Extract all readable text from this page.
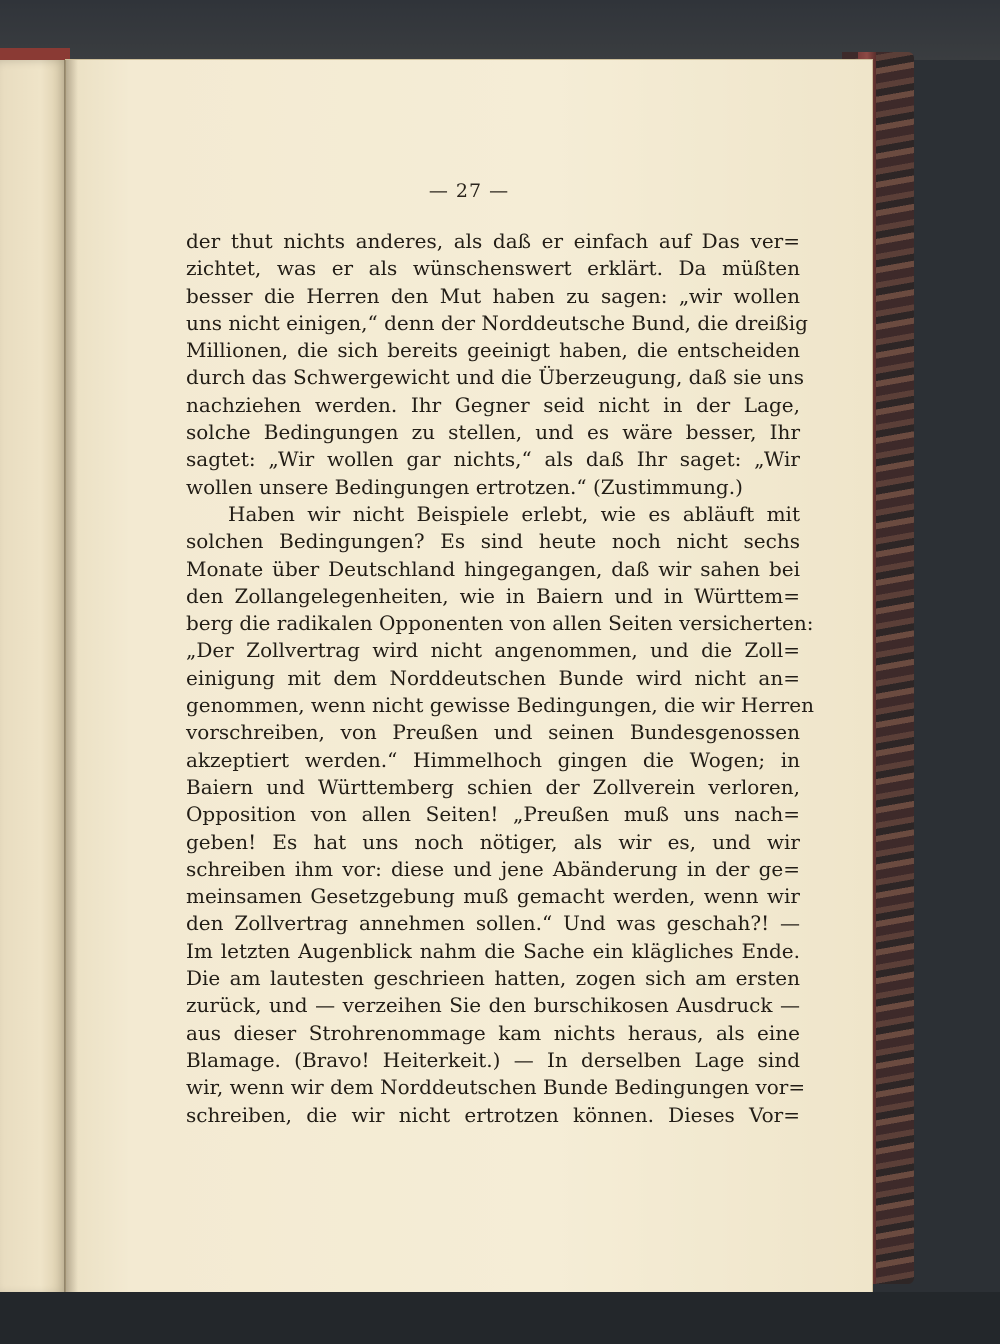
— 27 —
der thut nichts anderes, als daß er einfach auf Das ver=
zichtet, was er als wünschenswert erklärt. Da müßten
besser die Herren den Mut haben zu sagen: „wir wollen
uns nicht einigen,“ denn der Norddeutsche Bund, die dreißig
Millionen, die sich bereits geeinigt haben, die entscheiden
durch das Schwergewicht und die Überzeugung, daß sie uns
nachziehen werden. Ihr Gegner seid nicht in der Lage,
solche Bedingungen zu stellen, und es wäre besser, Ihr
sagtet: „Wir wollen gar nichts,“ als daß Ihr saget: „Wir
wollen unsere Bedingungen ertrotzen.“ (Zustimmung.)
Haben wir nicht Beispiele erlebt, wie es abläuft mit
solchen Bedingungen? Es sind heute noch nicht sechs
Monate über Deutschland hingegangen, daß wir sahen bei
den Zollangelegenheiten, wie in Baiern und in Württem=
berg die radikalen Opponenten von allen Seiten versicherten:
„Der Zollvertrag wird nicht angenommen, und die Zoll=
einigung mit dem Norddeutschen Bunde wird nicht an=
genommen, wenn nicht gewisse Bedingungen, die wir Herren
vorschreiben, von Preußen und seinen Bundesgenossen
akzeptiert werden.“ Himmelhoch gingen die Wogen; in
Baiern und Württemberg schien der Zollverein verloren,
Opposition von allen Seiten! „Preußen muß uns nach=
geben! Es hat uns noch nötiger, als wir es, und wir
schreiben ihm vor: diese und jene Abänderung in der ge=
meinsamen Gesetzgebung muß gemacht werden, wenn wir
den Zollvertrag annehmen sollen.“ Und was geschah?! —
Im letzten Augenblick nahm die Sache ein klägliches Ende.
Die am lautesten geschrieen hatten, zogen sich am ersten
zurück, und — verzeihen Sie den burschikosen Ausdruck —
aus dieser Strohrenommage kam nichts heraus, als eine
Blamage. (Bravo! Heiterkeit.) — In derselben Lage sind
wir, wenn wir dem Norddeutschen Bunde Bedingungen vor=
schreiben, die wir nicht ertrotzen können. Dieses Vor=
